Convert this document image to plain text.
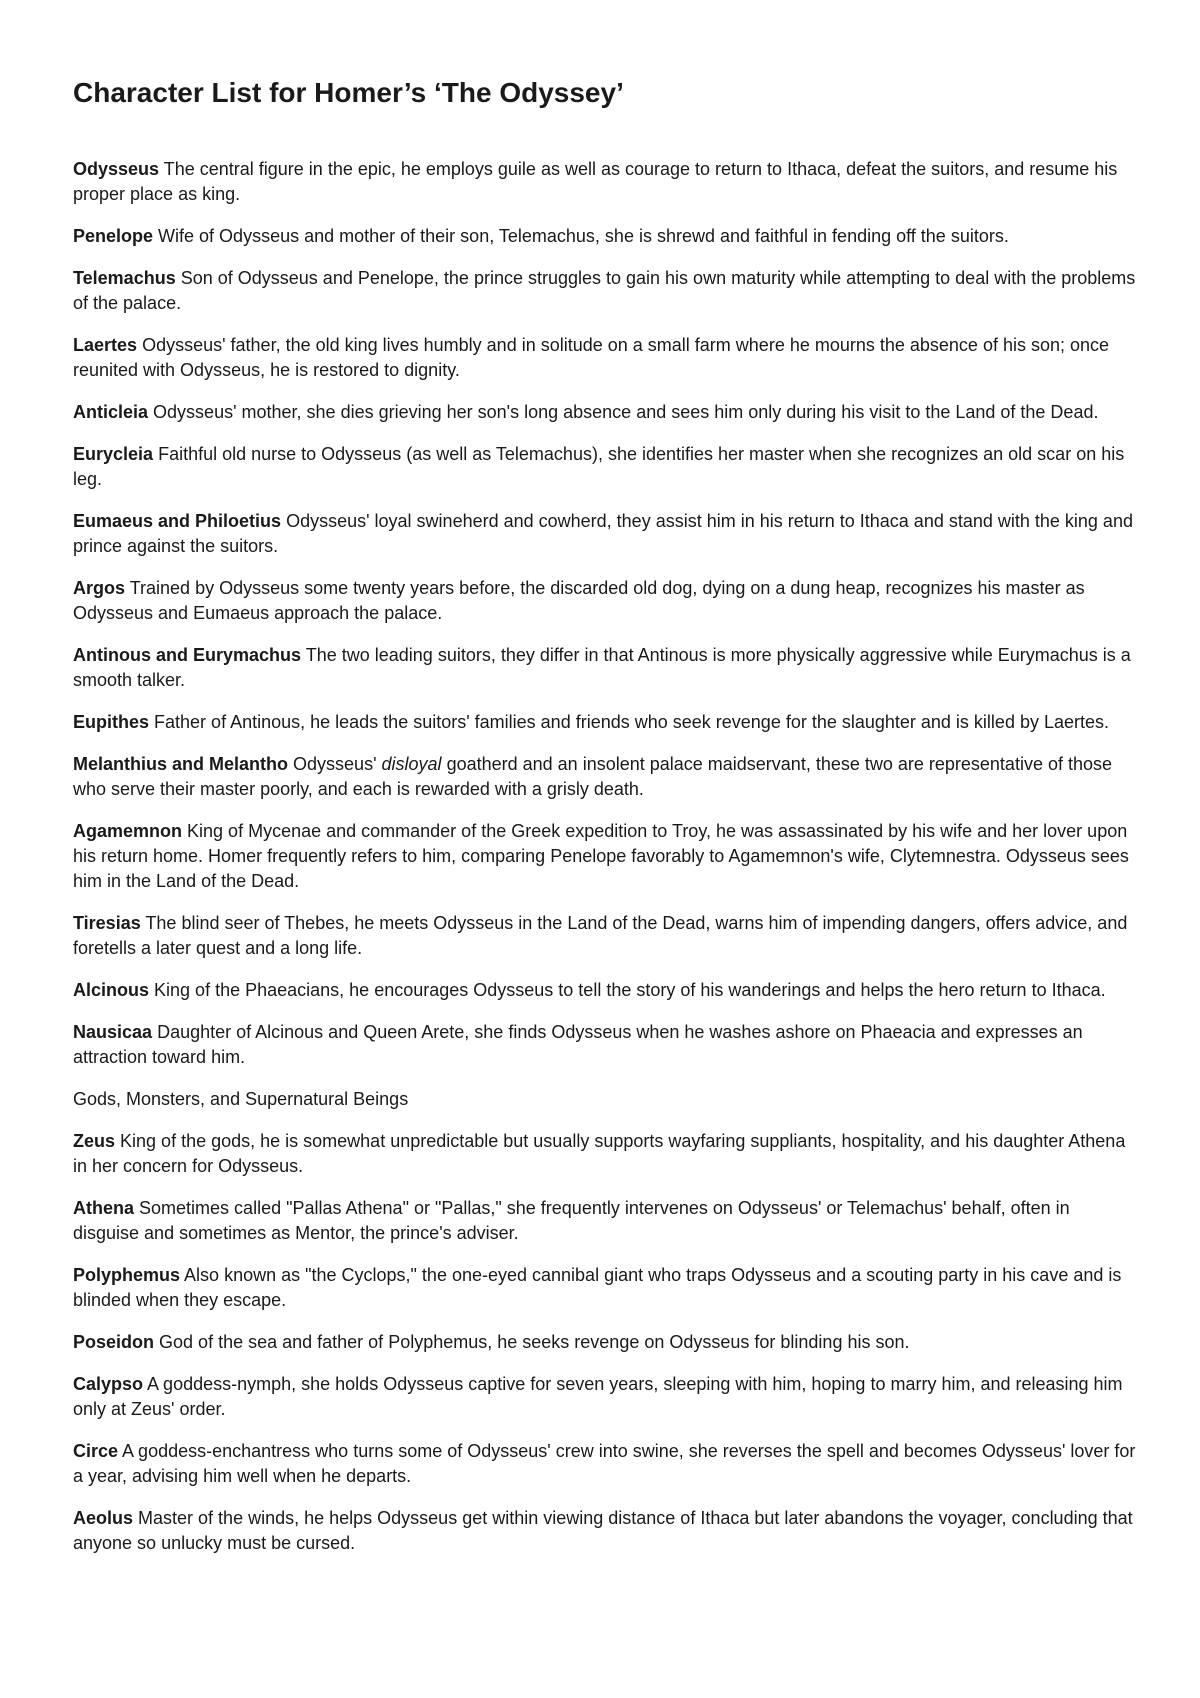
Character List for Homer’s ‘The Odyssey’

Odysseus The central figure in the epic, he employs guile as well as courage to return to Ithaca, defeat the suitors, and resume his proper place as king.

Penelope Wife of Odysseus and mother of their son, Telemachus, she is shrewd and faithful in fending off the suitors.

Telemachus Son of Odysseus and Penelope, the prince struggles to gain his own maturity while attempting to deal with the problems of the palace.

Laertes Odysseus' father, the old king lives humbly and in solitude on a small farm where he mourns the absence of his son; once reunited with Odysseus, he is restored to dignity.

Anticleia Odysseus' mother, she dies grieving her son's long absence and sees him only during his visit to the Land of the Dead.

Eurycleia Faithful old nurse to Odysseus (as well as Telemachus), she identifies her master when she recognizes an old scar on his leg.

Eumaeus and Philoetius Odysseus' loyal swineherd and cowherd, they assist him in his return to Ithaca and stand with the king and prince against the suitors.

Argos Trained by Odysseus some twenty years before, the discarded old dog, dying on a dung heap, recognizes his master as Odysseus and Eumaeus approach the palace.

Antinous and Eurymachus The two leading suitors, they differ in that Antinous is more physically aggressive while Eurymachus is a smooth talker.

Eupithes Father of Antinous, he leads the suitors' families and friends who seek revenge for the slaughter and is killed by Laertes.

Melanthius and Melantho Odysseus' disloyal goatherd and an insolent palace maidservant, these two are representative of those who serve their master poorly, and each is rewarded with a grisly death.

Agamemnon King of Mycenae and commander of the Greek expedition to Troy, he was assassinated by his wife and her lover upon his return home. Homer frequently refers to him, comparing Penelope favorably to Agamemnon's wife, Clytemnestra. Odysseus sees him in the Land of the Dead.

Tiresias The blind seer of Thebes, he meets Odysseus in the Land of the Dead, warns him of impending dangers, offers advice, and foretells a later quest and a long life.

Alcinous King of the Phaeacians, he encourages Odysseus to tell the story of his wanderings and helps the hero return to Ithaca.

Nausicaa Daughter of Alcinous and Queen Arete, she finds Odysseus when he washes ashore on Phaeacia and expresses an attraction toward him.

Gods, Monsters, and Supernatural Beings

Zeus King of the gods, he is somewhat unpredictable but usually supports wayfaring suppliants, hospitality, and his daughter Athena in her concern for Odysseus.

Athena Sometimes called "Pallas Athena" or "Pallas," she frequently intervenes on Odysseus' or Telemachus' behalf, often in disguise and sometimes as Mentor, the prince's adviser.

Polyphemus Also known as "the Cyclops," the one-eyed cannibal giant who traps Odysseus and a scouting party in his cave and is blinded when they escape.

Poseidon God of the sea and father of Polyphemus, he seeks revenge on Odysseus for blinding his son.

Calypso A goddess-nymph, she holds Odysseus captive for seven years, sleeping with him, hoping to marry him, and releasing him only at Zeus' order.

Circe A goddess-enchantress who turns some of Odysseus' crew into swine, she reverses the spell and becomes Odysseus' lover for a year, advising him well when he departs.

Aeolus Master of the winds, he helps Odysseus get within viewing distance of Ithaca but later abandons the voyager, concluding that anyone so unlucky must be cursed.
